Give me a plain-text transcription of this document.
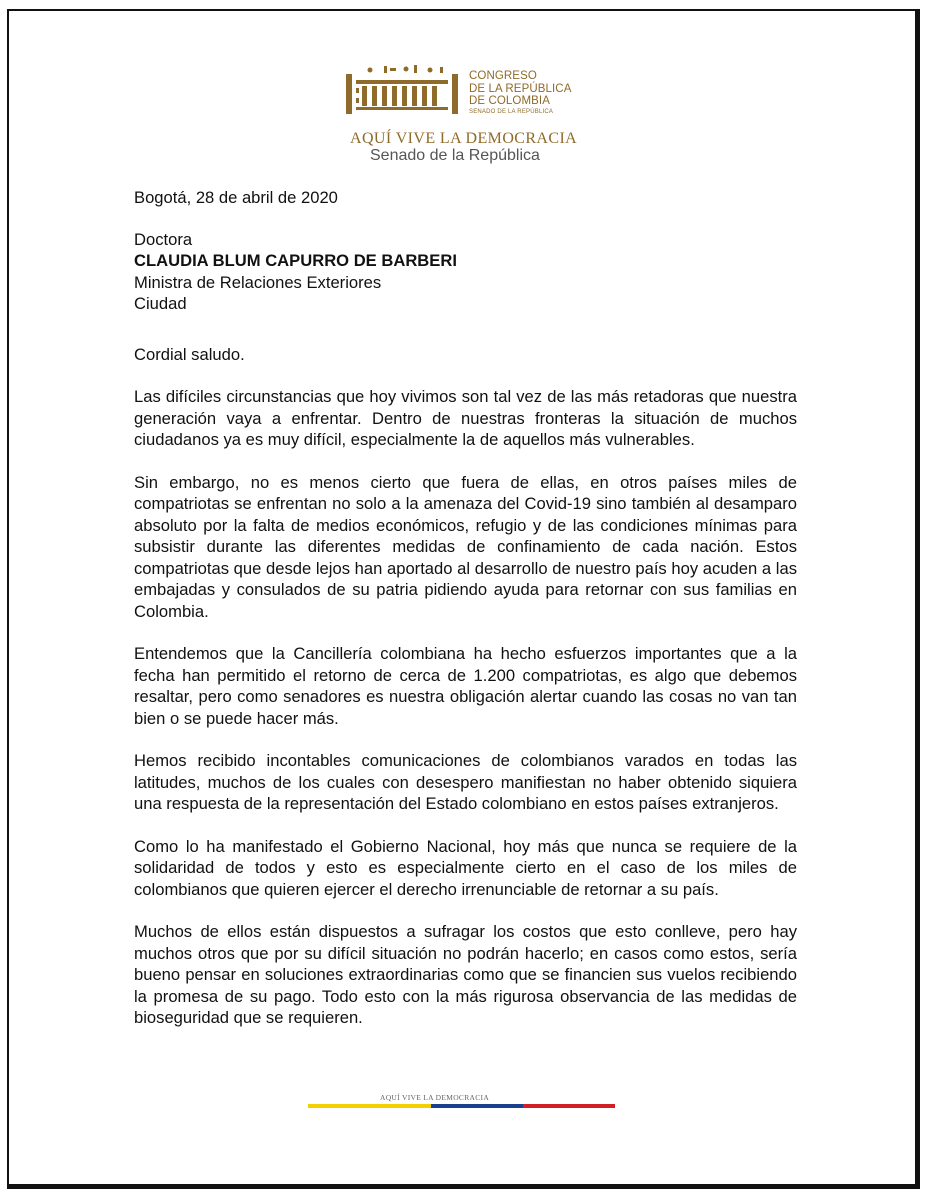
CONGRESO
DE LA REPÚBLICA
DE COLOMBIA
SENADO DE LA REPÚBLICA
AQUÍ VIVE LA DEMOCRACIA
Senado de la República

Bogotá, 28 de abril de 2020

Doctora
CLAUDIA BLUM CAPURRO DE BARBERI
Ministra de Relaciones Exteriores
Ciudad

Cordial saludo.

Las difíciles circunstancias que hoy vivimos son tal vez de las más retadoras que nuestra generación vaya a enfrentar. Dentro de nuestras fronteras la situación de muchos ciudadanos ya es muy difícil, especialmente la de aquellos más vulnerables.

Sin embargo, no es menos cierto que fuera de ellas, en otros países miles de compatriotas se enfrentan no solo a la amenaza del Covid-19 sino también al desamparo absoluto por la falta de medios económicos, refugio y de las condiciones mínimas para subsistir durante las diferentes medidas de confinamiento de cada nación. Estos compatriotas que desde lejos han aportado al desarrollo de nuestro país hoy acuden a las embajadas y consulados de su patria pidiendo ayuda para retornar con sus familias en Colombia.

Entendemos que la Cancillería colombiana ha hecho esfuerzos importantes que a la fecha han permitido el retorno de cerca de 1.200 compatriotas, es algo que debemos resaltar, pero como senadores es nuestra obligación alertar cuando las cosas no van tan bien o se puede hacer más.

Hemos recibido incontables comunicaciones de colombianos varados en todas las latitudes, muchos de los cuales con desespero manifiestan no haber obtenido siquiera una respuesta de la representación del Estado colombiano en estos países extranjeros.

Como lo ha manifestado el Gobierno Nacional, hoy más que nunca se requiere de la solidaridad de todos y esto es especialmente cierto en el caso de los miles de colombianos que quieren ejercer el derecho irrenunciable de retornar a su país.

Muchos de ellos están dispuestos a sufragar los costos que esto conlleve, pero hay muchos otros que por su difícil situación no podrán hacerlo; en casos como estos, sería bueno pensar en soluciones extraordinarias como que se financien sus vuelos recibiendo la promesa de su pago. Todo esto con la más rigurosa observancia de las medidas de bioseguridad que se requieren.

AQUÍ VIVE LA DEMOCRACIA
